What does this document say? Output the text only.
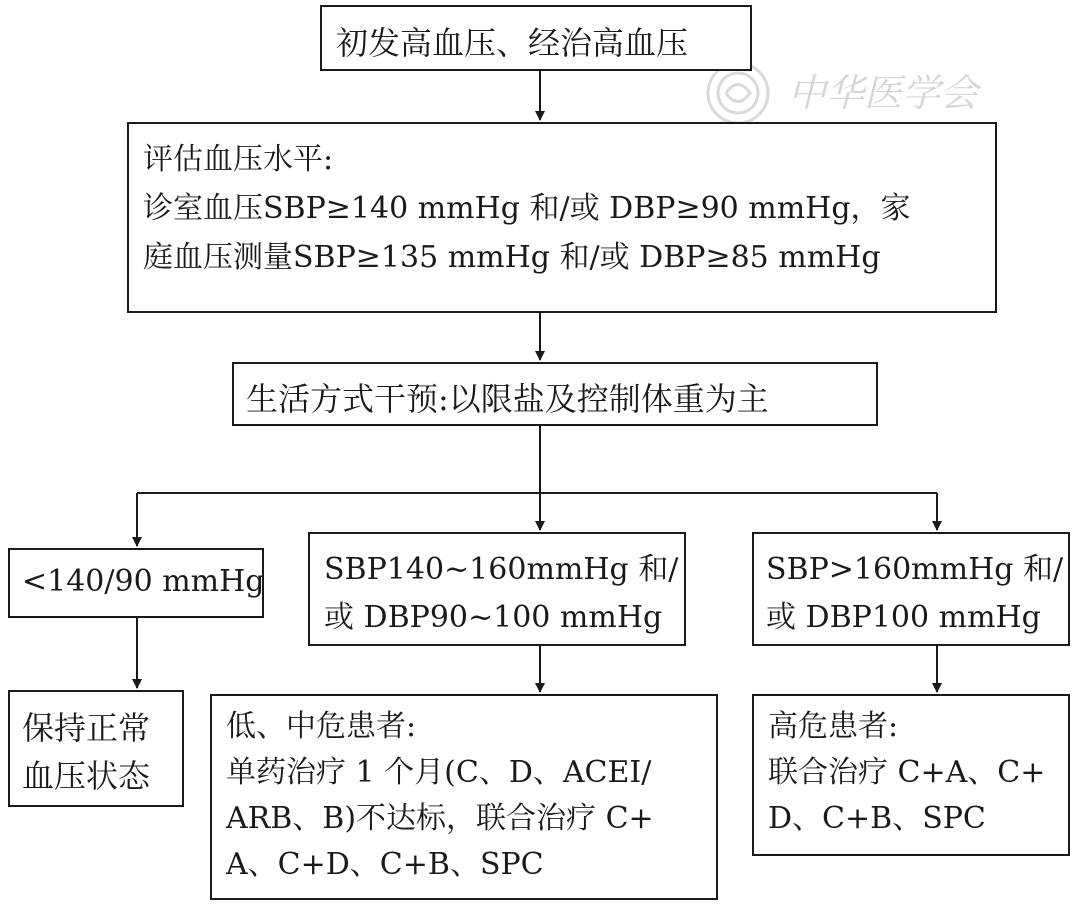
中华医学会

初发高血压、经治高血压

评估血压水平:

诊室血压SBP≥140 mmHg 和/或 DBP≥90 mmHg，家

庭血压测量SBP≥135 mmHg 和/或 DBP≥85 mmHg

生活方式干预:以限盐及控制体重为主

<140/90 mmHg SBP140~160mmHg 和/

或 DBP90~100 mmHg

SBP>160mmHg 和/

或 DBP100 mmHg

保持正常

血压状态

低、中危患者:

单药治疗 1 个月(C、D、ACEI/

ARB、B)不达标，联合治疗 C+

A、C+D、C+B、SPC

高危患者:

联合治疗 C+A、C+

D、C+B、SPC
